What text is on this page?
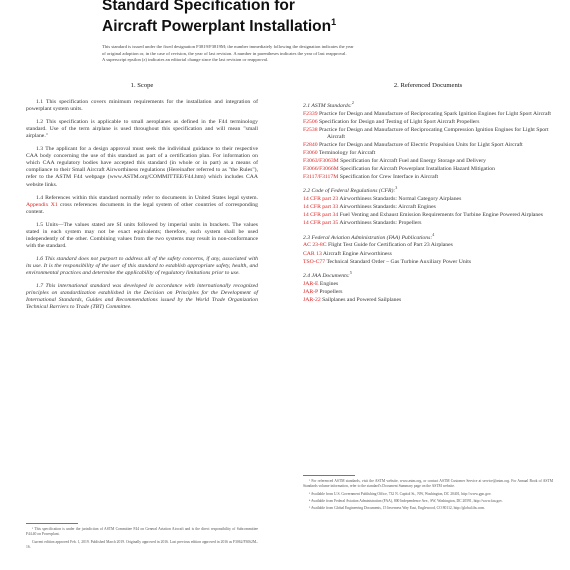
Standard Specification for
Aircraft Powerplant Installation$^1$

This standard is issued under the fixed designation F3819/F3819M; the number immediately following the designation indicates the year

of original adoption or, in the case of revision, the year of last revision. A number in parentheses indicates the year of last reapproval.

A superscript epsilon (ε) indicates an editorial change since the last revision or reapproval.

1. Scope

1.1 This specification covers minimum requirements for the installation and integration of powerplant system units.

1.2 This specification is applicable to small aeroplanes as defined in the F44 terminology standard. Use of the term airplane is used throughout this specification and will mean "small airplane."

1.3 The applicant for a design approval must seek the individual guidance to their respective CAA body concerning the use of this standard as part of a certification plan. For information on which CAA regulatory bodies have accepted this standard (in whole or in part) as a means of compliance to their Small Aircraft Airworthiness regulations (Hereinafter referred to as "the Rules"), refer to the ASTM F44 webpage (www.ASTM.org/COMMITTEE/F44.htm) which includes CAA website links.

1.4 References within this standard normally refer to documents in United States legal system. Appendix X1 cross references documents in the legal system of other countries of corresponding content.

1.5 Units—The values stated are SI units followed by imperial units in brackets. The values stated in each system may not be exact equivalents; therefore, each system shall be used independently of the other. Combining values from the two systems may result in non-conformance with the standard.

1.6 This standard does not purport to address all of the safety concerns, if any, associated with its use. It is the responsibility of the user of this standard to establish appropriate safety, health, and environmental practices and determine the applicability of regulatory limitations prior to use.

1.7 This international standard was developed in accordance with internationally recognized principles on standardization established in the Decision on Principles for the Development of International Standards, Guides and Recommendations issued by the World Trade Organization Technical Barriers to Trade (TBT) Committee.

2. Referenced Documents
2.1 ASTM Standards:$^2$
F2339 Practice for Design and Manufacture of Reciprocating Spark Ignition Engines for Light Sport Aircraft
F2506 Specification for Design and Testing of Light Sport Aircraft Propellers
F2538 Practice for Design and Manufacture of Reciprocating Compression Ignition Engines for Light Sport Aircraft
F2840 Practice for Design and Manufacture of Electric Propulsion Units for Light Sport Aircraft
F3060 Terminology for Aircraft
F3063/F3063M Specification for Aircraft Fuel and Energy Storage and Delivery
F3066/F3066M Specification for Aircraft Powerplant Installation Hazard Mitigation
F3117/F3117M Specification for Crew Interface in Aircraft
2.2 Code of Federal Regulations (CFR):$^3$
14 CFR part 23 Airworthiness Standards: Normal Category Airplanes
14 CFR part 33 Airworthiness Standards: Aircraft Engines
14 CFR part 34 Fuel Venting and Exhaust Emission Requirements for Turbine Engine Powered Airplanes
14 CFR part 35 Airworthiness Standards: Propellers
2.3 Federal Aviation Administration (FAA) Publications:$^4$
AC 23-8C Flight Test Guide for Certification of Part 23 Airplanes
CAR 13 Aircraft Engine Airworthiness
TSO-C77 Technical Standard Order – Gas Turbine Auxiliary Power Units
2.4 JAA Documents:$^5$
JAR-E Engines
JAR-P Propellers
JAR-22 Sailplanes and Powered Sailplanes

¹ This specification is under the jurisdiction of ASTM Committee F44 on General Aviation Aircraft and is the direct responsibility of Subcommittee F44.40 on Powerplant.

Current edition approved Feb. 1, 2019. Published March 2019. Originally approved in 2016. Last previous edition approved in 2016 as F3062/F3062M–16.

² For referenced ASTM standards, visit the ASTM website, www.astm.org, or contact ASTM Customer Service at service@astm.org. For Annual Book of ASTM Standards volume information, refer to the standard's Document Summary page on the ASTM website.

³ Available from U.S. Government Publishing Office, 732 N. Capitol St., NW, Washington, DC 20401, http://www.gpo.gov.

⁴ Available from Federal Aviation Administration (FAA), 800 Independence Ave., SW, Washington, DC 20591, http://www.faa.gov.

⁵ Available from Global Engineering Documents, 15 Inverness Way East, Englewood, CO 80112, http://global.ihs.com.
